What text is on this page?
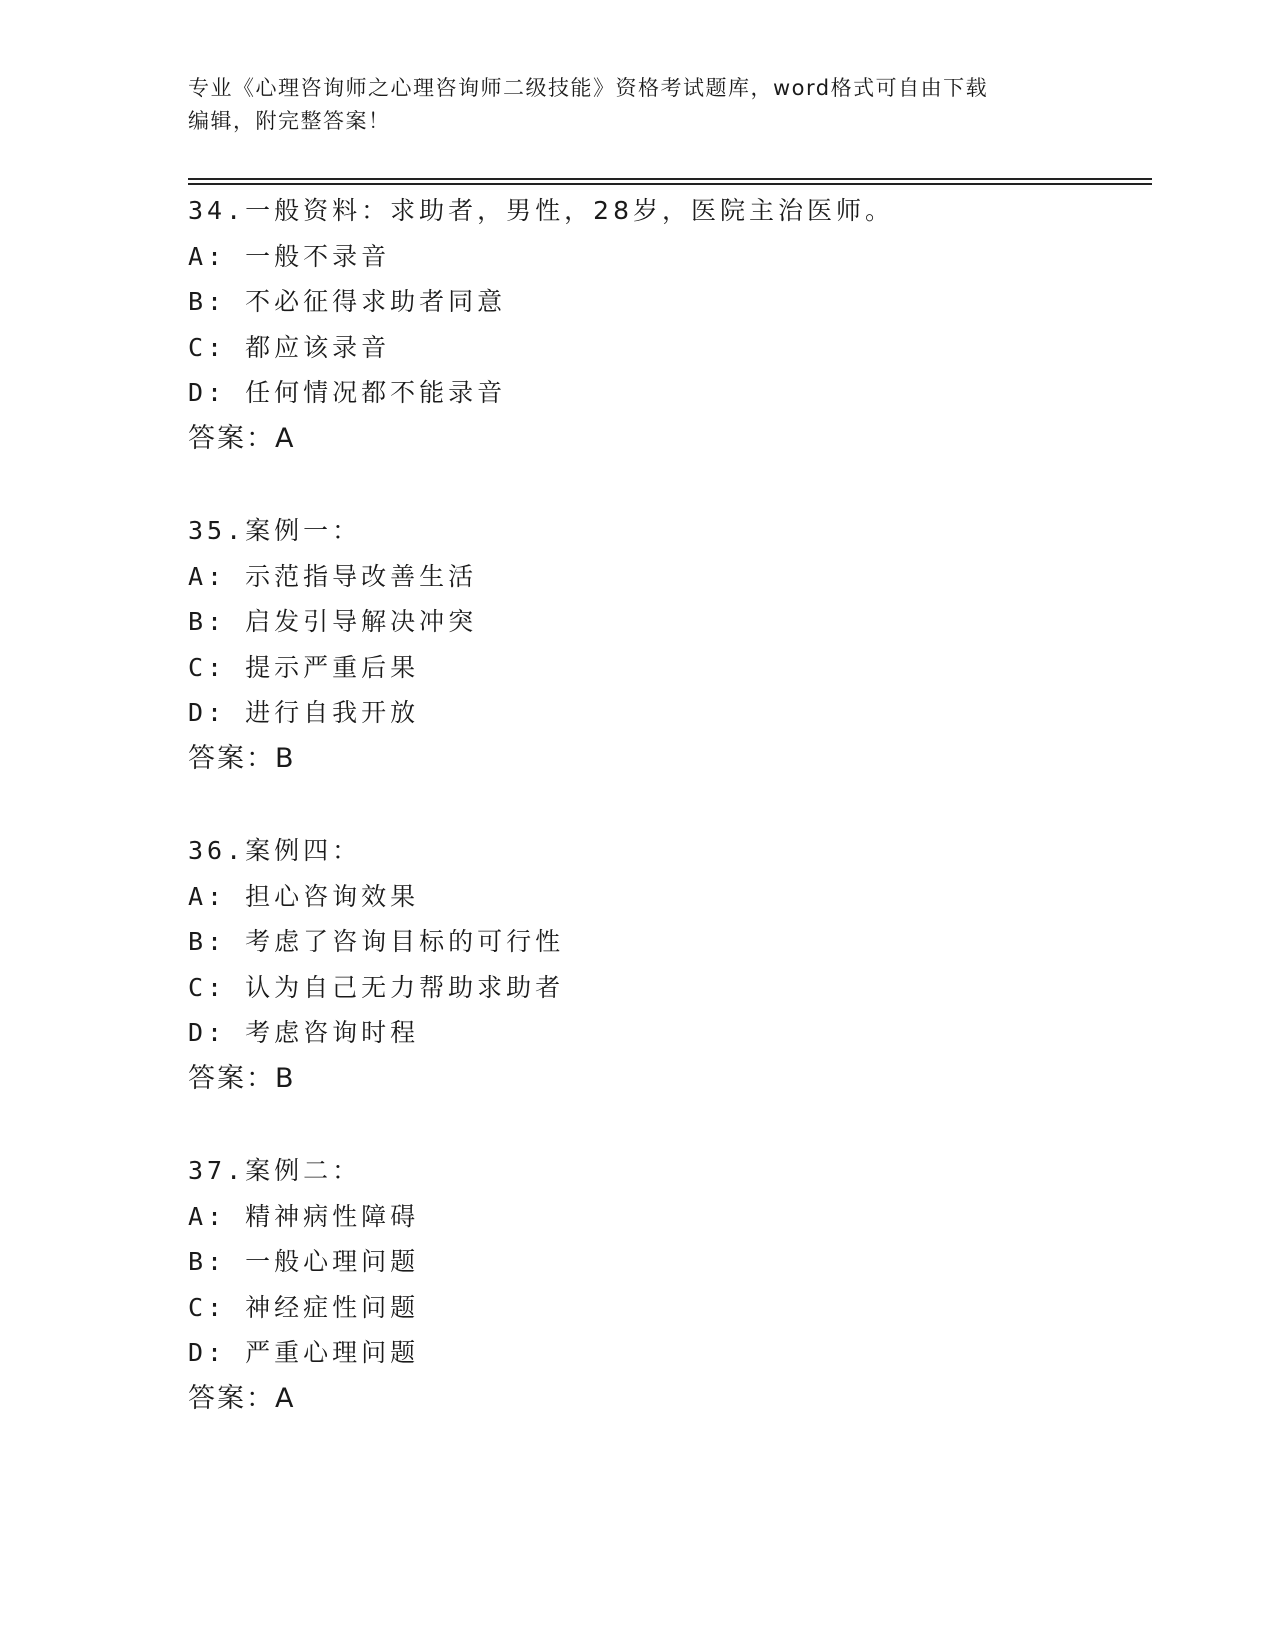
专业《心理咨询师之心理咨询师二级技能》资格考试题库，word格式可自由下载
编辑，附完整答案！
34.一般资料：求助者，男性，28岁，医院主治医师。
A: 一般不录音
B: 不必征得求助者同意
C: 都应该录音
D: 任何情况都不能录音
答案：A
35.案例一：
A: 示范指导改善生活
B: 启发引导解决冲突
C: 提示严重后果
D: 进行自我开放
答案：B
36.案例四：
A: 担心咨询效果
B: 考虑了咨询目标的可行性
C: 认为自己无力帮助求助者
D: 考虑咨询时程
答案：B
37.案例二：
A: 精神病性障碍
B: 一般心理问题
C: 神经症性问题
D: 严重心理问题
答案：A
